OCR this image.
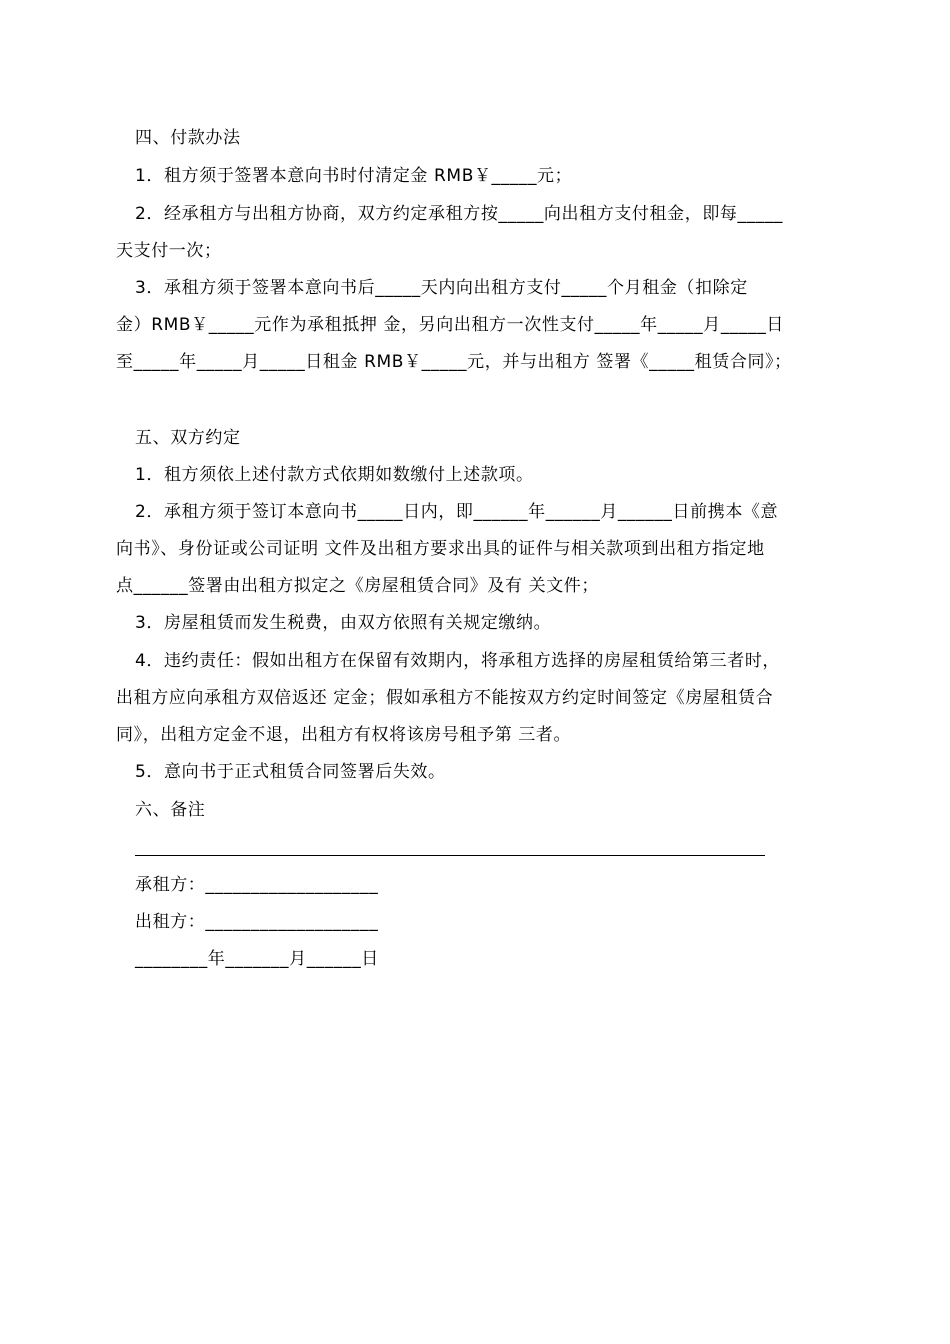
四、付款办法
1．租方须于签署本意向书时付清定金 RMB￥_____元；
2．经承租方与出租方协商，双方约定承租方按_____向出租方支付租金，即每_____
天支付一次；
3．承租方须于签署本意向书后_____天内向出租方支付_____个月租金（扣除定
金）RMB￥_____元作为承租抵押 金，另向出租方一次性支付_____年_____月_____日
至_____年_____月_____日租金 RMB￥_____元，并与出租方 签署《_____租赁合同》；
五、双方约定
1．租方须依上述付款方式依期如数缴付上述款项。
2．承租方须于签订本意向书_____日内，即______年______月______日前携本《意
向书》、身份证或公司证明 文件及出租方要求出具的证件与相关款项到出租方指定地
点______签署由出租方拟定之《房屋租赁合同》及有 关文件；
3．房屋租赁而发生税费，由双方依照有关规定缴纳。
4．违约责任：假如出租方在保留有效期内，将承租方选择的房屋租赁给第三者时，
出租方应向承租方双倍返还 定金；假如承租方不能按双方约定时间签定《房屋租赁合
同》，出租方定金不退，出租方有权将该房号租予第 三者。
5．意向书于正式租赁合同签署后失效。
六、备注
承租方：___________________
出租方：___________________
________年_______月______日
